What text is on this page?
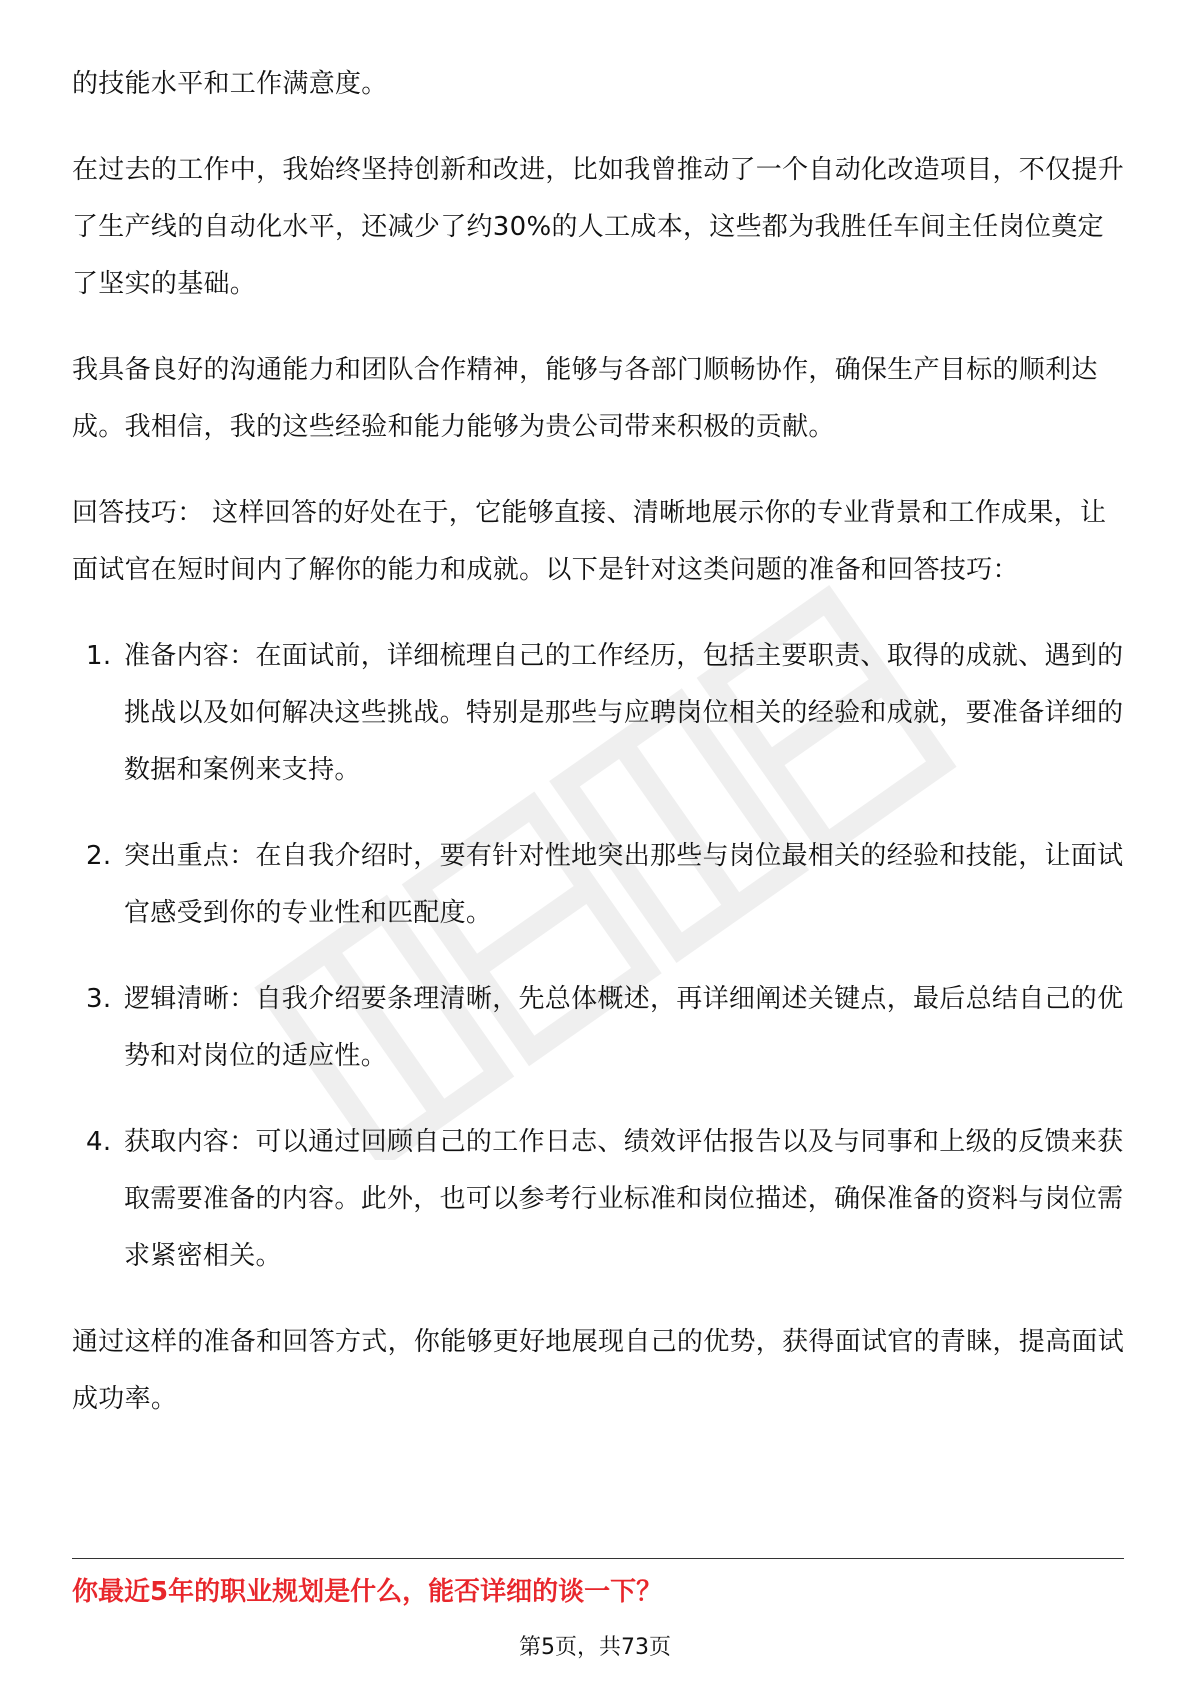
的技能水平和工作满意度。

在过去的工作中，我始终坚持创新和改进，比如我曾推动了一个自动化改造项目，不仅提升了生产线的自动化水平，还减少了约30%的人工成本，这些都为我胜任车间主任岗位奠定了坚实的基础。

我具备良好的沟通能力和团队合作精神，能够与各部门顺畅协作，确保生产目标的顺利达成。我相信，我的这些经验和能力能够为贵公司带来积极的贡献。

回答技巧： 这样回答的好处在于，它能够直接、清晰地展示你的专业背景和工作成果，让面试官在短时间内了解你的能力和成就。以下是针对这类问题的准备和回答技巧：

1. 准备内容：在面试前，详细梳理自己的工作经历，包括主要职责、取得的成就、遇到的挑战以及如何解决这些挑战。特别是那些与应聘岗位相关的经验和成就，要准备详细的数据和案例来支持。
2. 突出重点：在自我介绍时，要有针对性地突出那些与岗位最相关的经验和技能，让面试官感受到你的专业性和匹配度。
3. 逻辑清晰：自我介绍要条理清晰，先总体概述，再详细阐述关键点，最后总结自己的优势和对岗位的适应性。
4. 获取内容：可以通过回顾自己的工作日志、绩效评估报告以及与同事和上级的反馈来获取需要准备的内容。此外，也可以参考行业标准和岗位描述，确保准备的资料与岗位需求紧密相关。

通过这样的准备和回答方式，你能够更好地展现自己的优势，获得面试官的青睐，提高面试成功率。

你最近5年的职业规划是什么，能否详细的谈一下？
第5页，共73页
